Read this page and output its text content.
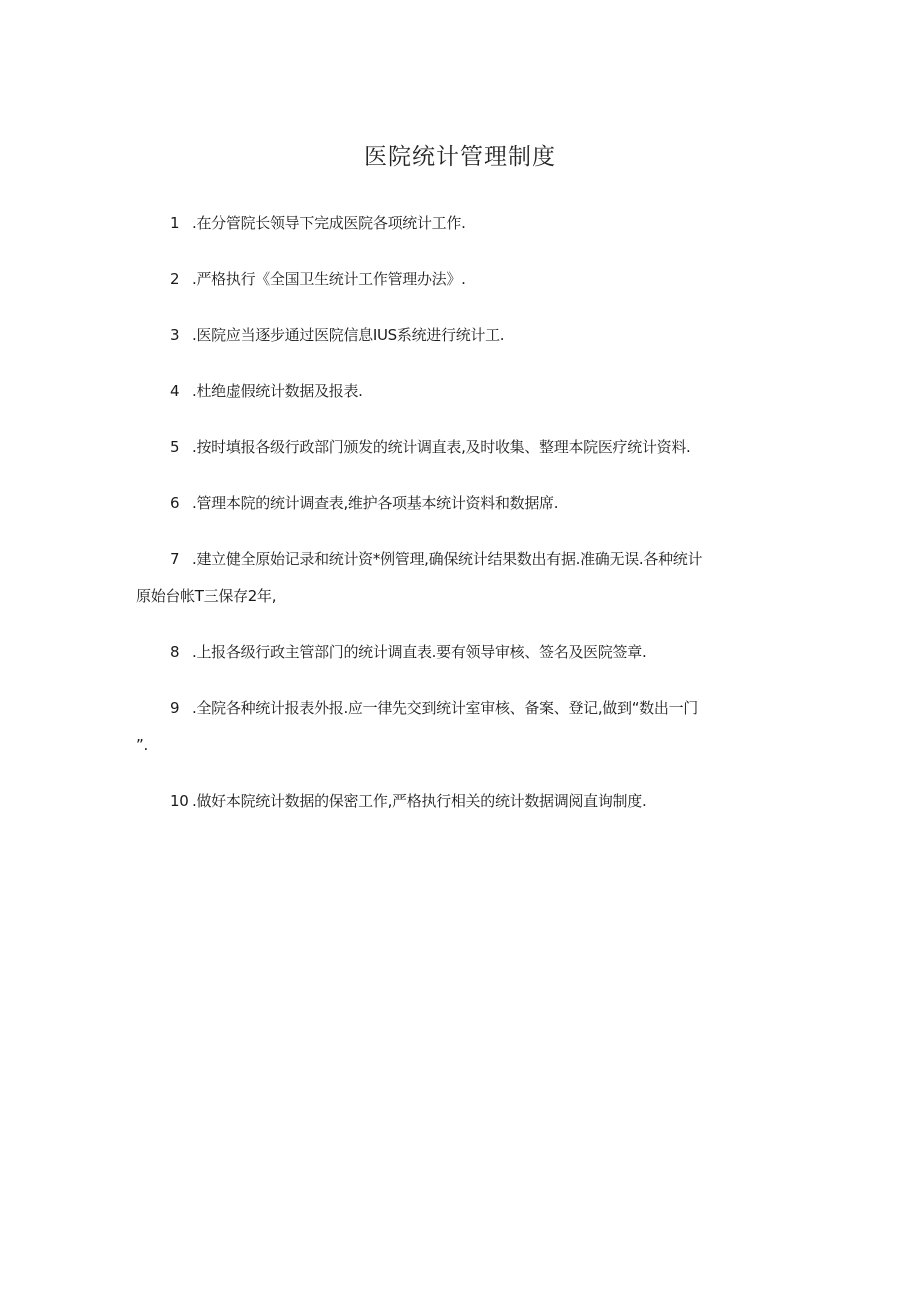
医院统计管理制度
1 .在分管院长领导下完成医院各项统计工作.
2 .严格执行《全国卫生统计工作管理办法》.
3 .医院应当逐步通过医院信息IUS系统进行统计工.
4 .杜绝虚假统计数据及报表.
5 .按时填报各级行政部门颁发的统计调直表,及时收集、整理本院医疗统计资料.
6 .管理本院的统计调查表,维护各项基本统计资料和数据席.
7 .建立健全原始记录和统计资*例管理,确保统计结果数出有据.准确无误.各种统计
原始台帐T三保存2年,
8 .上报各级行政主管部门的统计调直表.要有领导审核、签名及医院签章.
9 .全院各种统计报表外报.应一律先交到统计室审核、备案、登记,做到“数出一门
”.
10 .做好本院统计数据的保密工作,严格执行相关的统计数据调阅直询制度.
